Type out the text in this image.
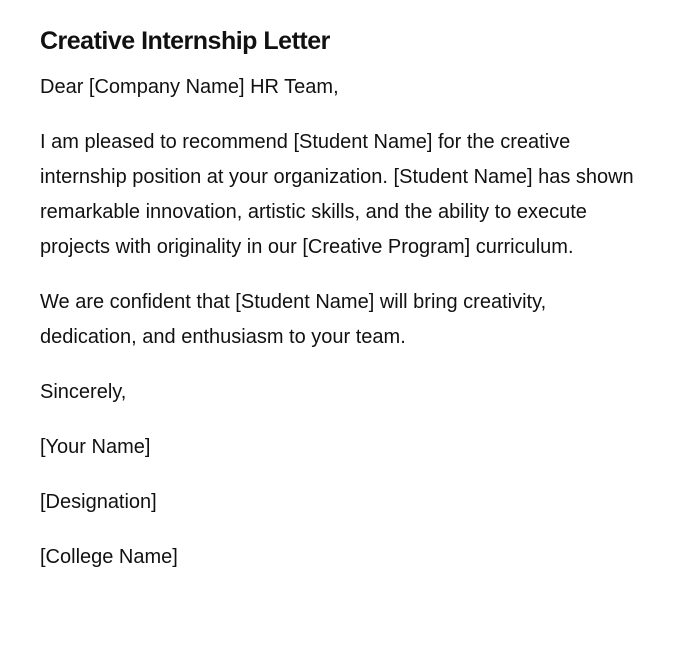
Creative Internship Letter

Dear [Company Name] HR Team,

I am pleased to recommend [Student Name] for the creative internship position at your organization. [Student Name] has shown remarkable innovation, artistic skills, and the ability to execute projects with originality in our [Creative Program] curriculum.

We are confident that [Student Name] will bring creativity, dedication, and enthusiasm to your team.

Sincerely,

[Your Name]

[Designation]

[College Name]
